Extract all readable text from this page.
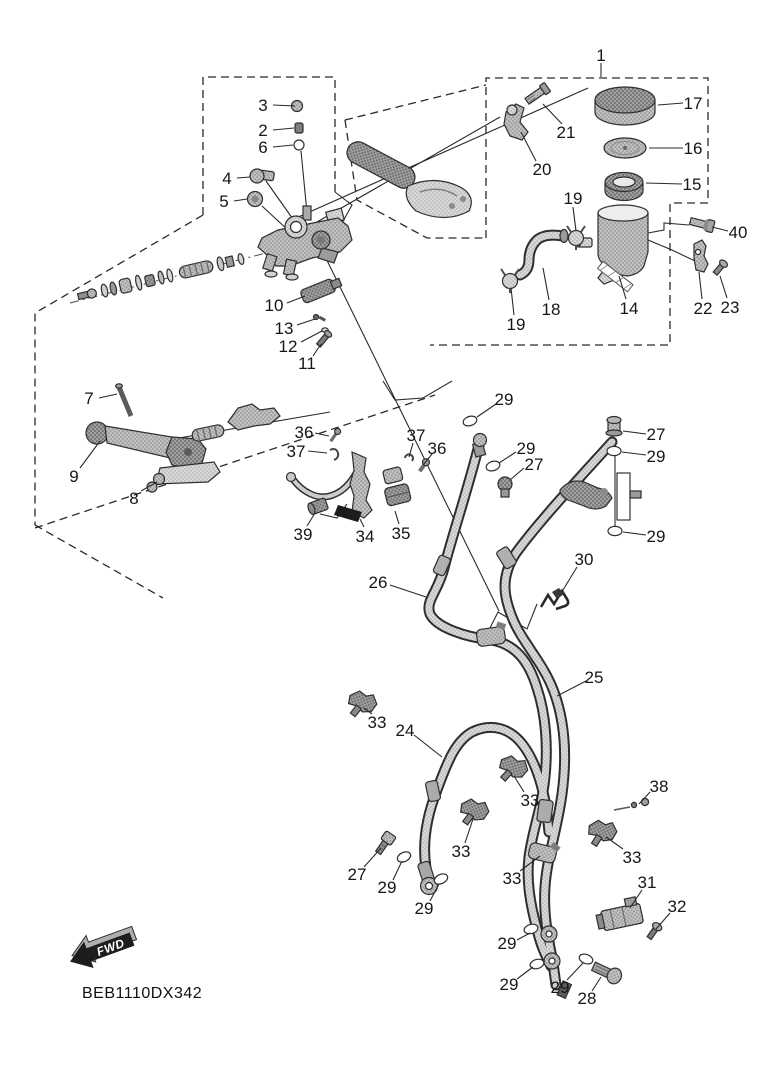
FWD
BEB1110DX342
1
3
2
6
4
5
7
9
8
10
13
12
11
21
20
17
16
15
19
40
14	22 23
18
19
29
36
37
37
36	29
27
27
29
29
39	34 35
26
30
25
24
33
33
33
33
33
38
31
32
27
29
29
29
29 29
28
